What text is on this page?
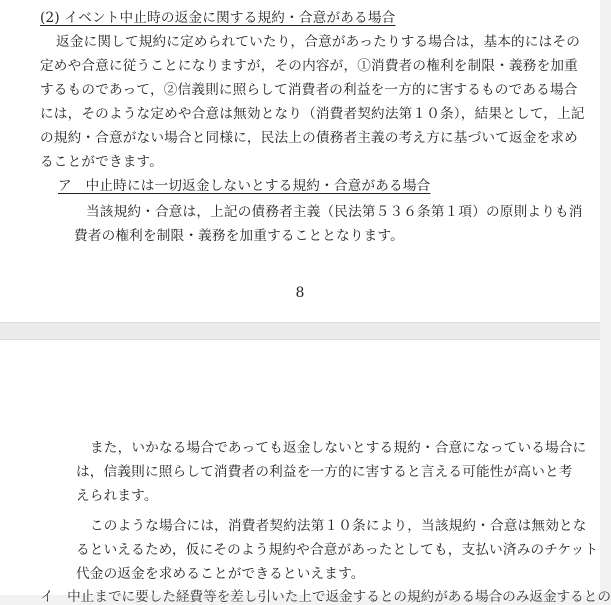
(2) イベント中止時の返金に関する規約・合意がある場合
返金に関して規約に定められていたり，合意があったりする場合は，基本的にはその
定めや合意に従うことになりますが，その内容が，①消費者の権利を制限・義務を加重
するものであって，②信義則に照らして消費者の利益を一方的に害するものである場合
には，そのような定めや合意は無効となり（消費者契約法第１０条），結果として，上記
の規約・合意がない場合と同様に，民法上の債務者主義の考え方に基づいて返金を求め
ることができます。
ア　中止時には一切返金しないとする規約・合意がある場合
当該規約・合意は，上記の債務者主義（民法第５３６条第１項）の原則よりも消
費者の権利を制限・義務を加重することとなります。
8
また，いかなる場合であっても返金しないとする規約・合意になっている場合に
は，信義則に照らして消費者の利益を一方的に害すると言える可能性が高いと考
えられます。
このような場合には，消費者契約法第１０条により，当該規約・合意は無効とな
るといえるため，仮にそのよう規約や合意があったとしても，支払い済みのチケット
代金の返金を求めることができるといえます。
イ　中止までに要した経費等を差し引いた上で返金するとの規約がある場合のみ返金するとの
